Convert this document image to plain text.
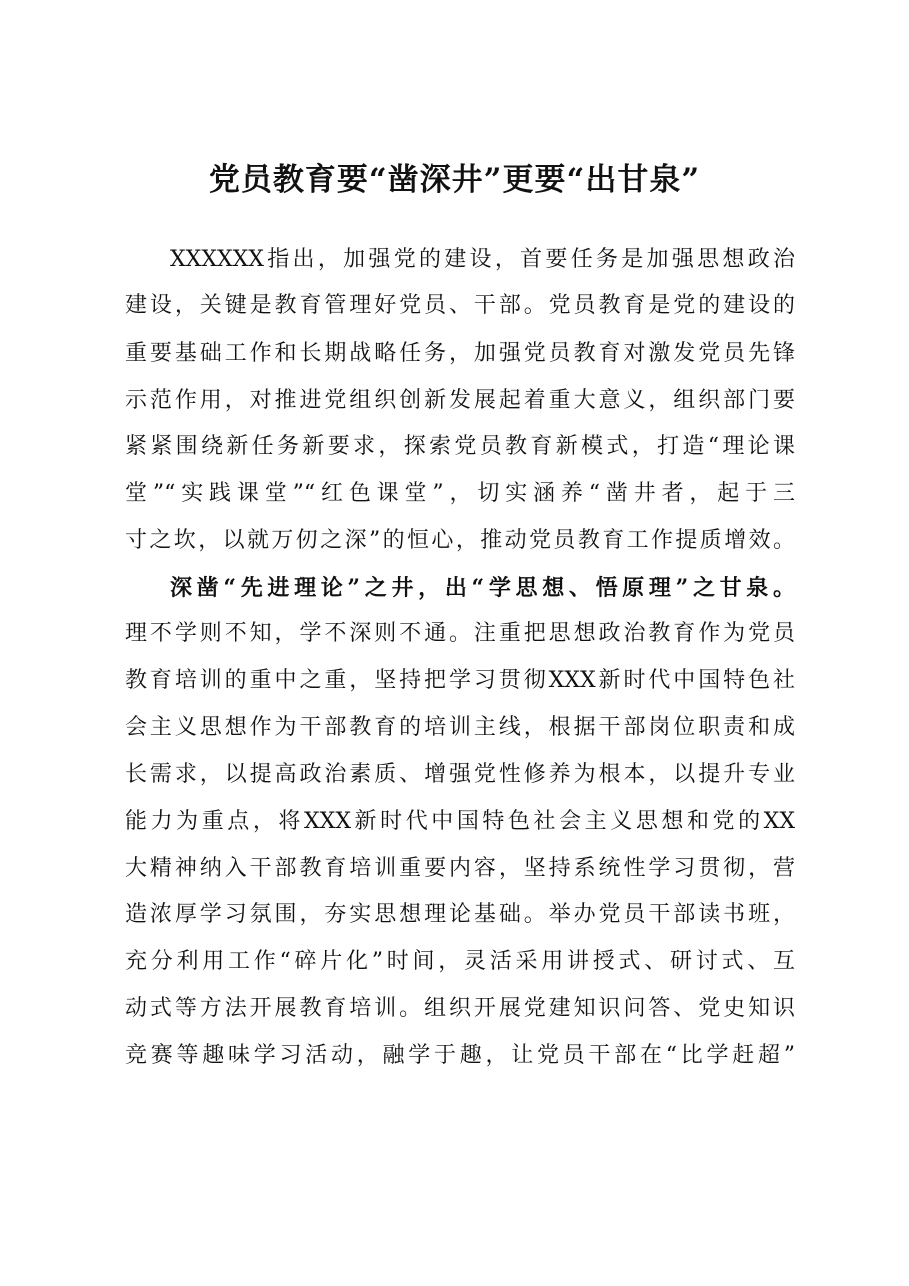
党员教育要“凿深井”更要“出甘泉”
XXXXXX指出，加强党的建设，首要任务是加强思想政治
建设，关键是教育管理好党员、干部。党员教育是党的建设的
重要基础工作和长期战略任务，加强党员教育对激发党员先锋
示范作用，对推进党组织创新发展起着重大意义，组织部门要
紧紧围绕新任务新要求，探索党员教育新模式，打造“理论课
堂”“实践课堂”“红色课堂”，切实涵养“凿井者，起于三
寸之坎，以就万仞之深”的恒心，推动党员教育工作提质增效。
深凿“先进理论”之井，出“学思想、悟原理”之甘泉。
理不学则不知，学不深则不通。注重把思想政治教育作为党员
教育培训的重中之重，坚持把学习贯彻XXX新时代中国特色社
会主义思想作为干部教育的培训主线，根据干部岗位职责和成
长需求，以提高政治素质、增强党性修养为根本，以提升专业
能力为重点，将XXX新时代中国特色社会主义思想和党的XX
大精神纳入干部教育培训重要内容，坚持系统性学习贯彻，营
造浓厚学习氛围，夯实思想理论基础。举办党员干部读书班，
充分利用工作“碎片化”时间，灵活采用讲授式、研讨式、互
动式等方法开展教育培训。组织开展党建知识问答、党史知识
竞赛等趣味学习活动，融学于趣，让党员干部在“比学赶超”
